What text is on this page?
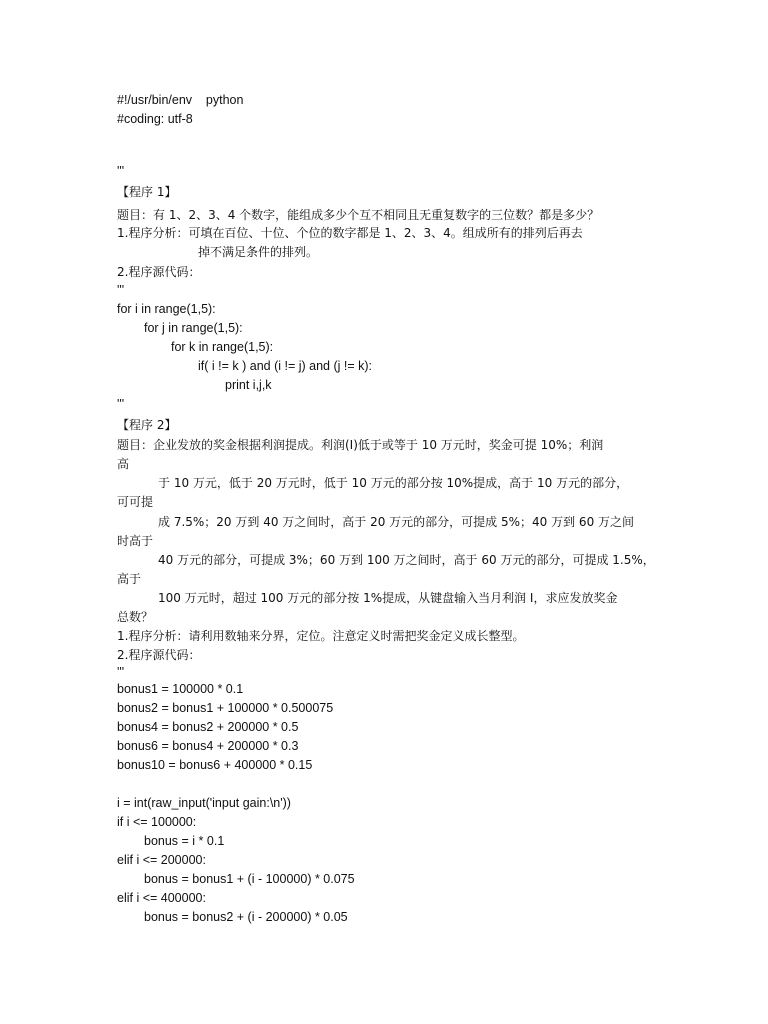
#!/usr/bin/env    python
#coding: utf-8
'''
【程序 1】
题目：有 1、2、3、4 个数字，能组成多少个互不相同且无重复数字的三位数？都是多少？
1.程序分析：可填在百位、十位、个位的数字都是 1、2、3、4。组成所有的排列后再去
掉不满足条件的排列。
2.程序源代码：
'''
for i in range(1,5):
for j in range(1,5):
for k in range(1,5):
if( i != k ) and (i != j) and (j != k):
print i,j,k
'''
【程序 2】
题目：企业发放的奖金根据利润提成。利润(I)低于或等于 10 万元时，奖金可提 10%；利润
高
于 10 万元，低于 20 万元时，低于 10 万元的部分按 10%提成，高于 10 万元的部分，
可可提
成 7.5%；20 万到 40 万之间时，高于 20 万元的部分，可提成 5%；40 万到 60 万之间
时高于
40 万元的部分，可提成 3%；60 万到 100 万之间时，高于 60 万元的部分，可提成 1.5%，
高于
100 万元时，超过 100 万元的部分按 1%提成，从键盘输入当月利润 I，求应发放奖金
总数？
1.程序分析：请利用数轴来分界，定位。注意定义时需把奖金定义成长整型。
2.程序源代码：
'''
bonus1 = 100000 * 0.1
bonus2 = bonus1 + 100000 * 0.500075
bonus4 = bonus2 + 200000 * 0.5
bonus6 = bonus4 + 200000 * 0.3
bonus10 = bonus6 + 400000 * 0.15
i = int(raw_input('input gain:\n'))
if i <= 100000:
bonus = i * 0.1
elif i <= 200000:
bonus = bonus1 + (i - 100000) * 0.075
elif i <= 400000:
bonus = bonus2 + (i - 200000) * 0.05
